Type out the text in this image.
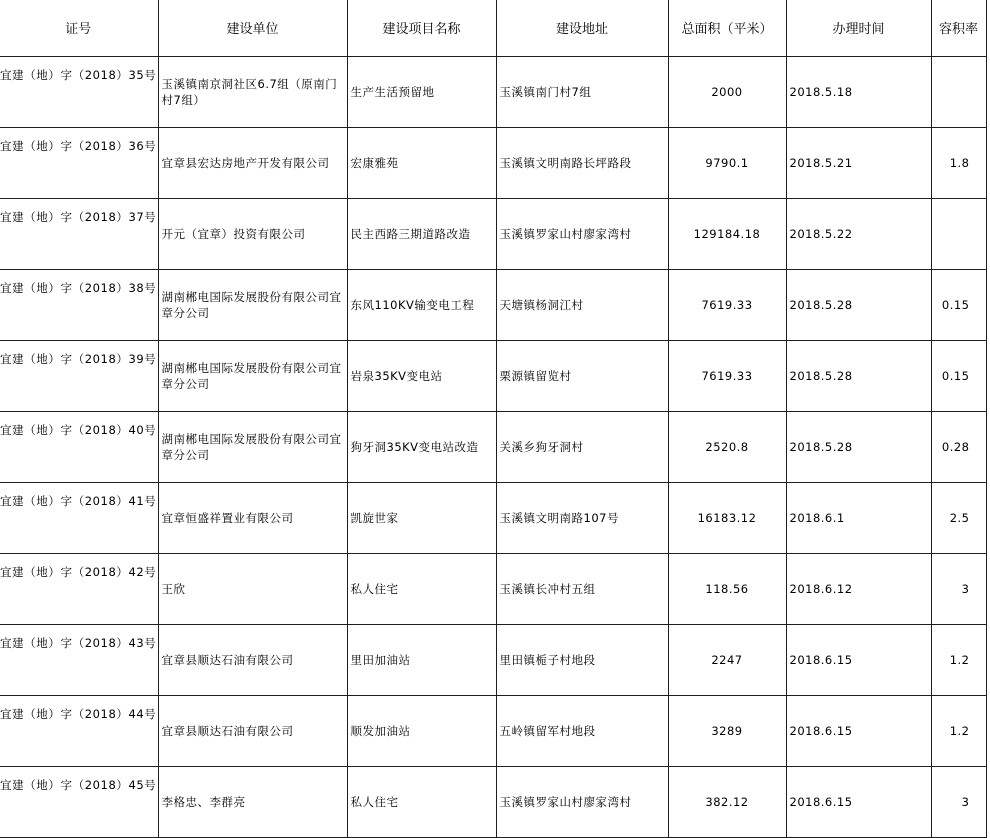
证号	建设单位	建设项目名称	建设地址	总面积（平米）	办理时间	容积率
宜建（地）字（2018）35号	玉溪镇南京洞社区6.7组（原南门村7组）	生产生活预留地	玉溪镇南门村7组	2000	2018.5.18	
宜建（地）字（2018）36号	宜章县宏达房地产开发有限公司	宏康雅苑	玉溪镇文明南路长坪路段	9790.1	2018.5.21	1.8
宜建（地）字（2018）37号	开元（宜章）投资有限公司	民主西路三期道路改造	玉溪镇罗家山村廖家湾村	129184.18	2018.5.22	
宜建（地）字（2018）38号	湖南郴电国际发展股份有限公司宜章分公司	东风110KV输变电工程	天塘镇杨洞江村	7619.33	2018.5.28	0.15
宜建（地）字（2018）39号	湖南郴电国际发展股份有限公司宜章分公司	岩泉35KV变电站	栗源镇留览村	7619.33	2018.5.28	0.15
宜建（地）字（2018）40号	湖南郴电国际发展股份有限公司宜章分公司	狗牙洞35KV变电站改造	关溪乡狗牙洞村	2520.8	2018.5.28	0.28
宜建（地）字（2018）41号	宜章恒盛祥置业有限公司	凯旋世家	玉溪镇文明南路107号	16183.12	2018.6.1	2.5
宜建（地）字（2018）42号	王欣	私人住宅	玉溪镇长冲村五组	118.56	2018.6.12	3
宜建（地）字（2018）43号	宜章县顺达石油有限公司	里田加油站	里田镇栀子村地段	2247	2018.6.15	1.2
宜建（地）字（2018）44号	宜章县顺达石油有限公司	顺发加油站	五岭镇留军村地段	3289	2018.6.15	1.2
宜建（地）字（2018）45号	李格忠、李群亮	私人住宅	玉溪镇罗家山村廖家湾村	382.12	2018.6.15	3
